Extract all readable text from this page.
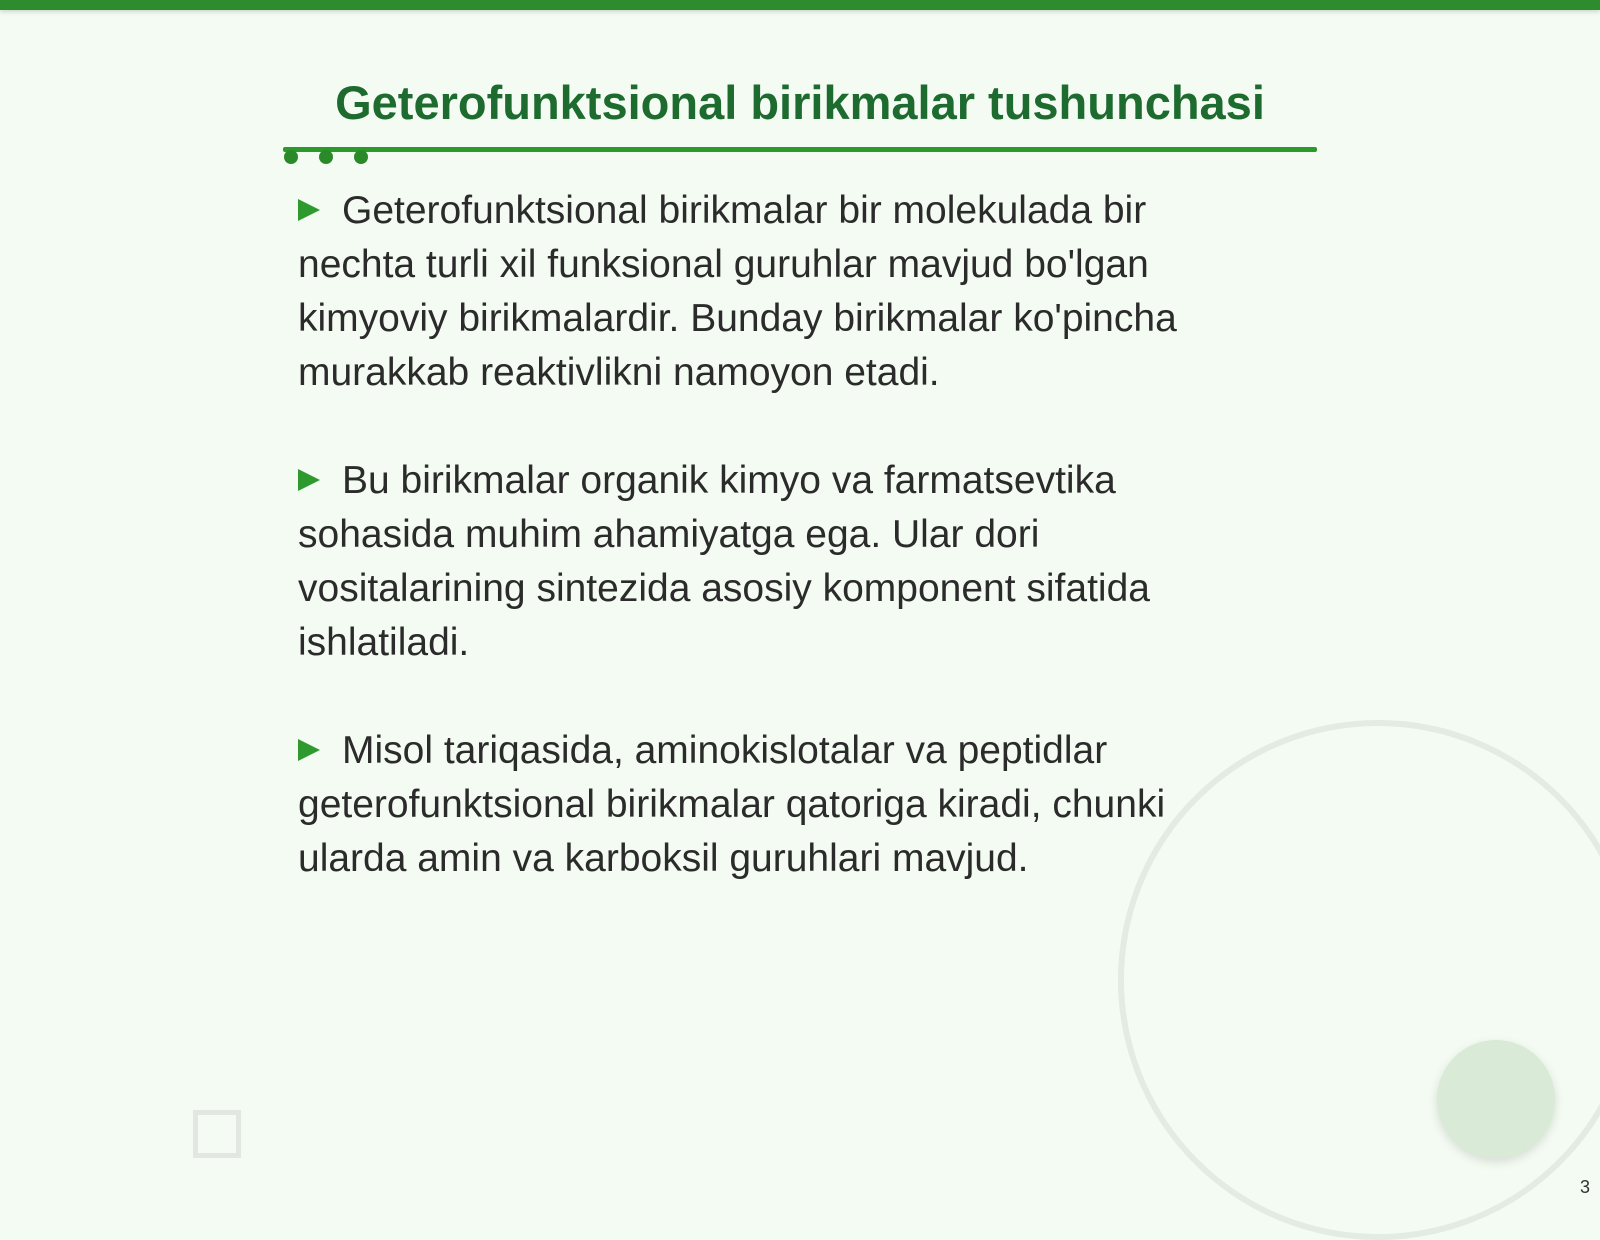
Geterofunktsional birikmalar tushunchasi
Geterofunktsional birikmalar bir molekulada bir nechta turli xil funksional guruhlar mavjud bo'lgan kimyoviy birikmalardir. Bunday birikmalar ko'pincha murakkab reaktivlikni namoyon etadi.
Bu birikmalar organik kimyo va farmatsevtika sohasida muhim ahamiyatga ega. Ular dori vositalarining sintezida asosiy komponent sifatida ishlatiladi.
Misol tariqasida, aminokislotalar va peptidlar geterofunktsional birikmalar qatoriga kiradi, chunki ularda amin va karboksil guruhlari mavjud.
3
